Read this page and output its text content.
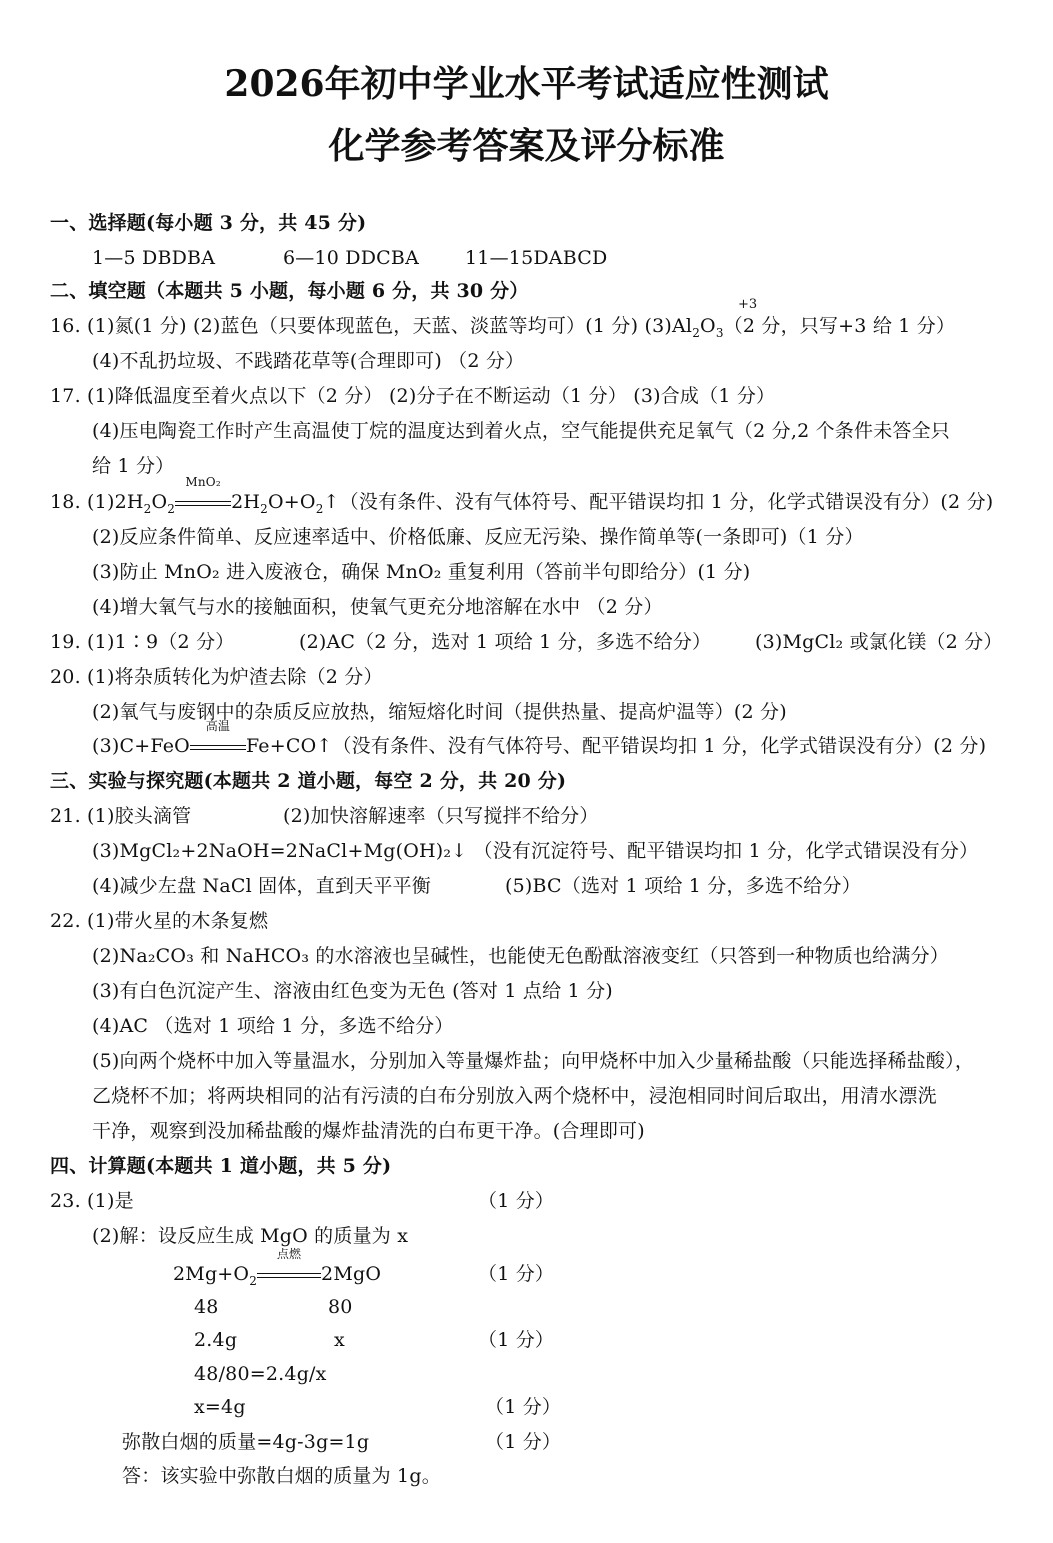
2026年初中学业水平考试适应性测试
化学参考答案及评分标准
一、选择题(每小题 3 分，共 45 分)
1—5 DBDBA	6—10 DDCBA 11—15DABCD
二、填空题（本题共 5 小题，每小题 6 分，共 30 分）
16. (1)氮(1 分) (2)蓝色（只要体现蓝色，天蓝、淡蓝等均可）(1 分) $(3)Al_2O_3(2$ 分，只写+3 给 1 分）
+3
(4)不乱扔垃圾、不践踏花草等(合理即可) （2 分）
17. (1)降低温度至着火点以下（2 分） (2)分子在不断运动（1 分） (3)合成（1 分）
(4)压电陶瓷工作时产生高温使丁烷的温度达到着火点，空气能提供充足氧气（2 分,2 个条件未答全只
给 1 分）
18. $(1)2H_2O_2$
MnO₂
$2H_2O+O_2↑$（没有条件、没有气体符号、配平错误均扣 1 分，化学式错误没有分）(2 分)
(2)反应条件简单、反应速率适中、价格低廉、反应无污染、操作简单等(一条即可)（1 分）
(3)防止 MnO₂ 进入废液仓，确保 MnO₂ 重复利用（答前半句即给分）(1 分)
(4)增大氧气与水的接触面积，使氧气更充分地溶解在水中 （2 分）
19. (1)1∶9（2 分）	(2)AC（2 分，选对 1 项给 1 分，多选不给分） (3)MgCl₂ 或氯化镁（2 分）
20. (1)将杂质转化为炉渣去除（2 分）
(2)氧气与废钢中的杂质反应放热，缩短熔化时间（提供热量、提高炉温等）(2 分)
(3)C+FeO
高温
Fe+CO↑（没有条件、没有气体符号、配平错误均扣 1 分，化学式错误没有分）(2 分)
三、实验与探究题(本题共 2 道小题，每空 2 分，共 20 分)
21. (1)胶头滴管	(2)加快溶解速率（只写搅拌不给分）
(3)MgCl₂+2NaOH=2NaCl+Mg(OH)₂↓ （没有沉淀符号、配平错误均扣 1 分，化学式错误没有分）
(4)减少左盘 NaCl 固体，直到天平平衡	(5)BC（选对 1 项给 1 分，多选不给分）
22. (1)带火星的木条复燃
(2)Na₂CO₃ 和 NaHCO₃ 的水溶液也呈碱性，也能使无色酚酞溶液变红（只答到一种物质也给满分）
(3)有白色沉淀产生、溶液由红色变为无色 (答对 1 点给 1 分)
(4)AC （选对 1 项给 1 分，多选不给分）
(5)向两个烧杯中加入等量温水，分别加入等量爆炸盐；向甲烧杯中加入少量稀盐酸（只能选择稀盐酸），
乙烧杯不加；将两块相同的沾有污渍的白布分别放入两个烧杯中，浸泡相同时间后取出，用清水漂洗
干净，观察到没加稀盐酸的爆炸盐清洗的白布更干净。(合理即可)
四、计算题(本题共 1 道小题，共 5 分)
23. (1)是	（1 分）
(2)解：设反应生成 MgO 的质量为 x
$2Mg+O_2$
点燃
2MgO	（1 分）
48	80
2.4g	x	（1 分）
48/80=2.4g/x
x=4g	（1 分）
弥散白烟的质量=4g-3g=1g	（1 分）
答：该实验中弥散白烟的质量为 1g。
